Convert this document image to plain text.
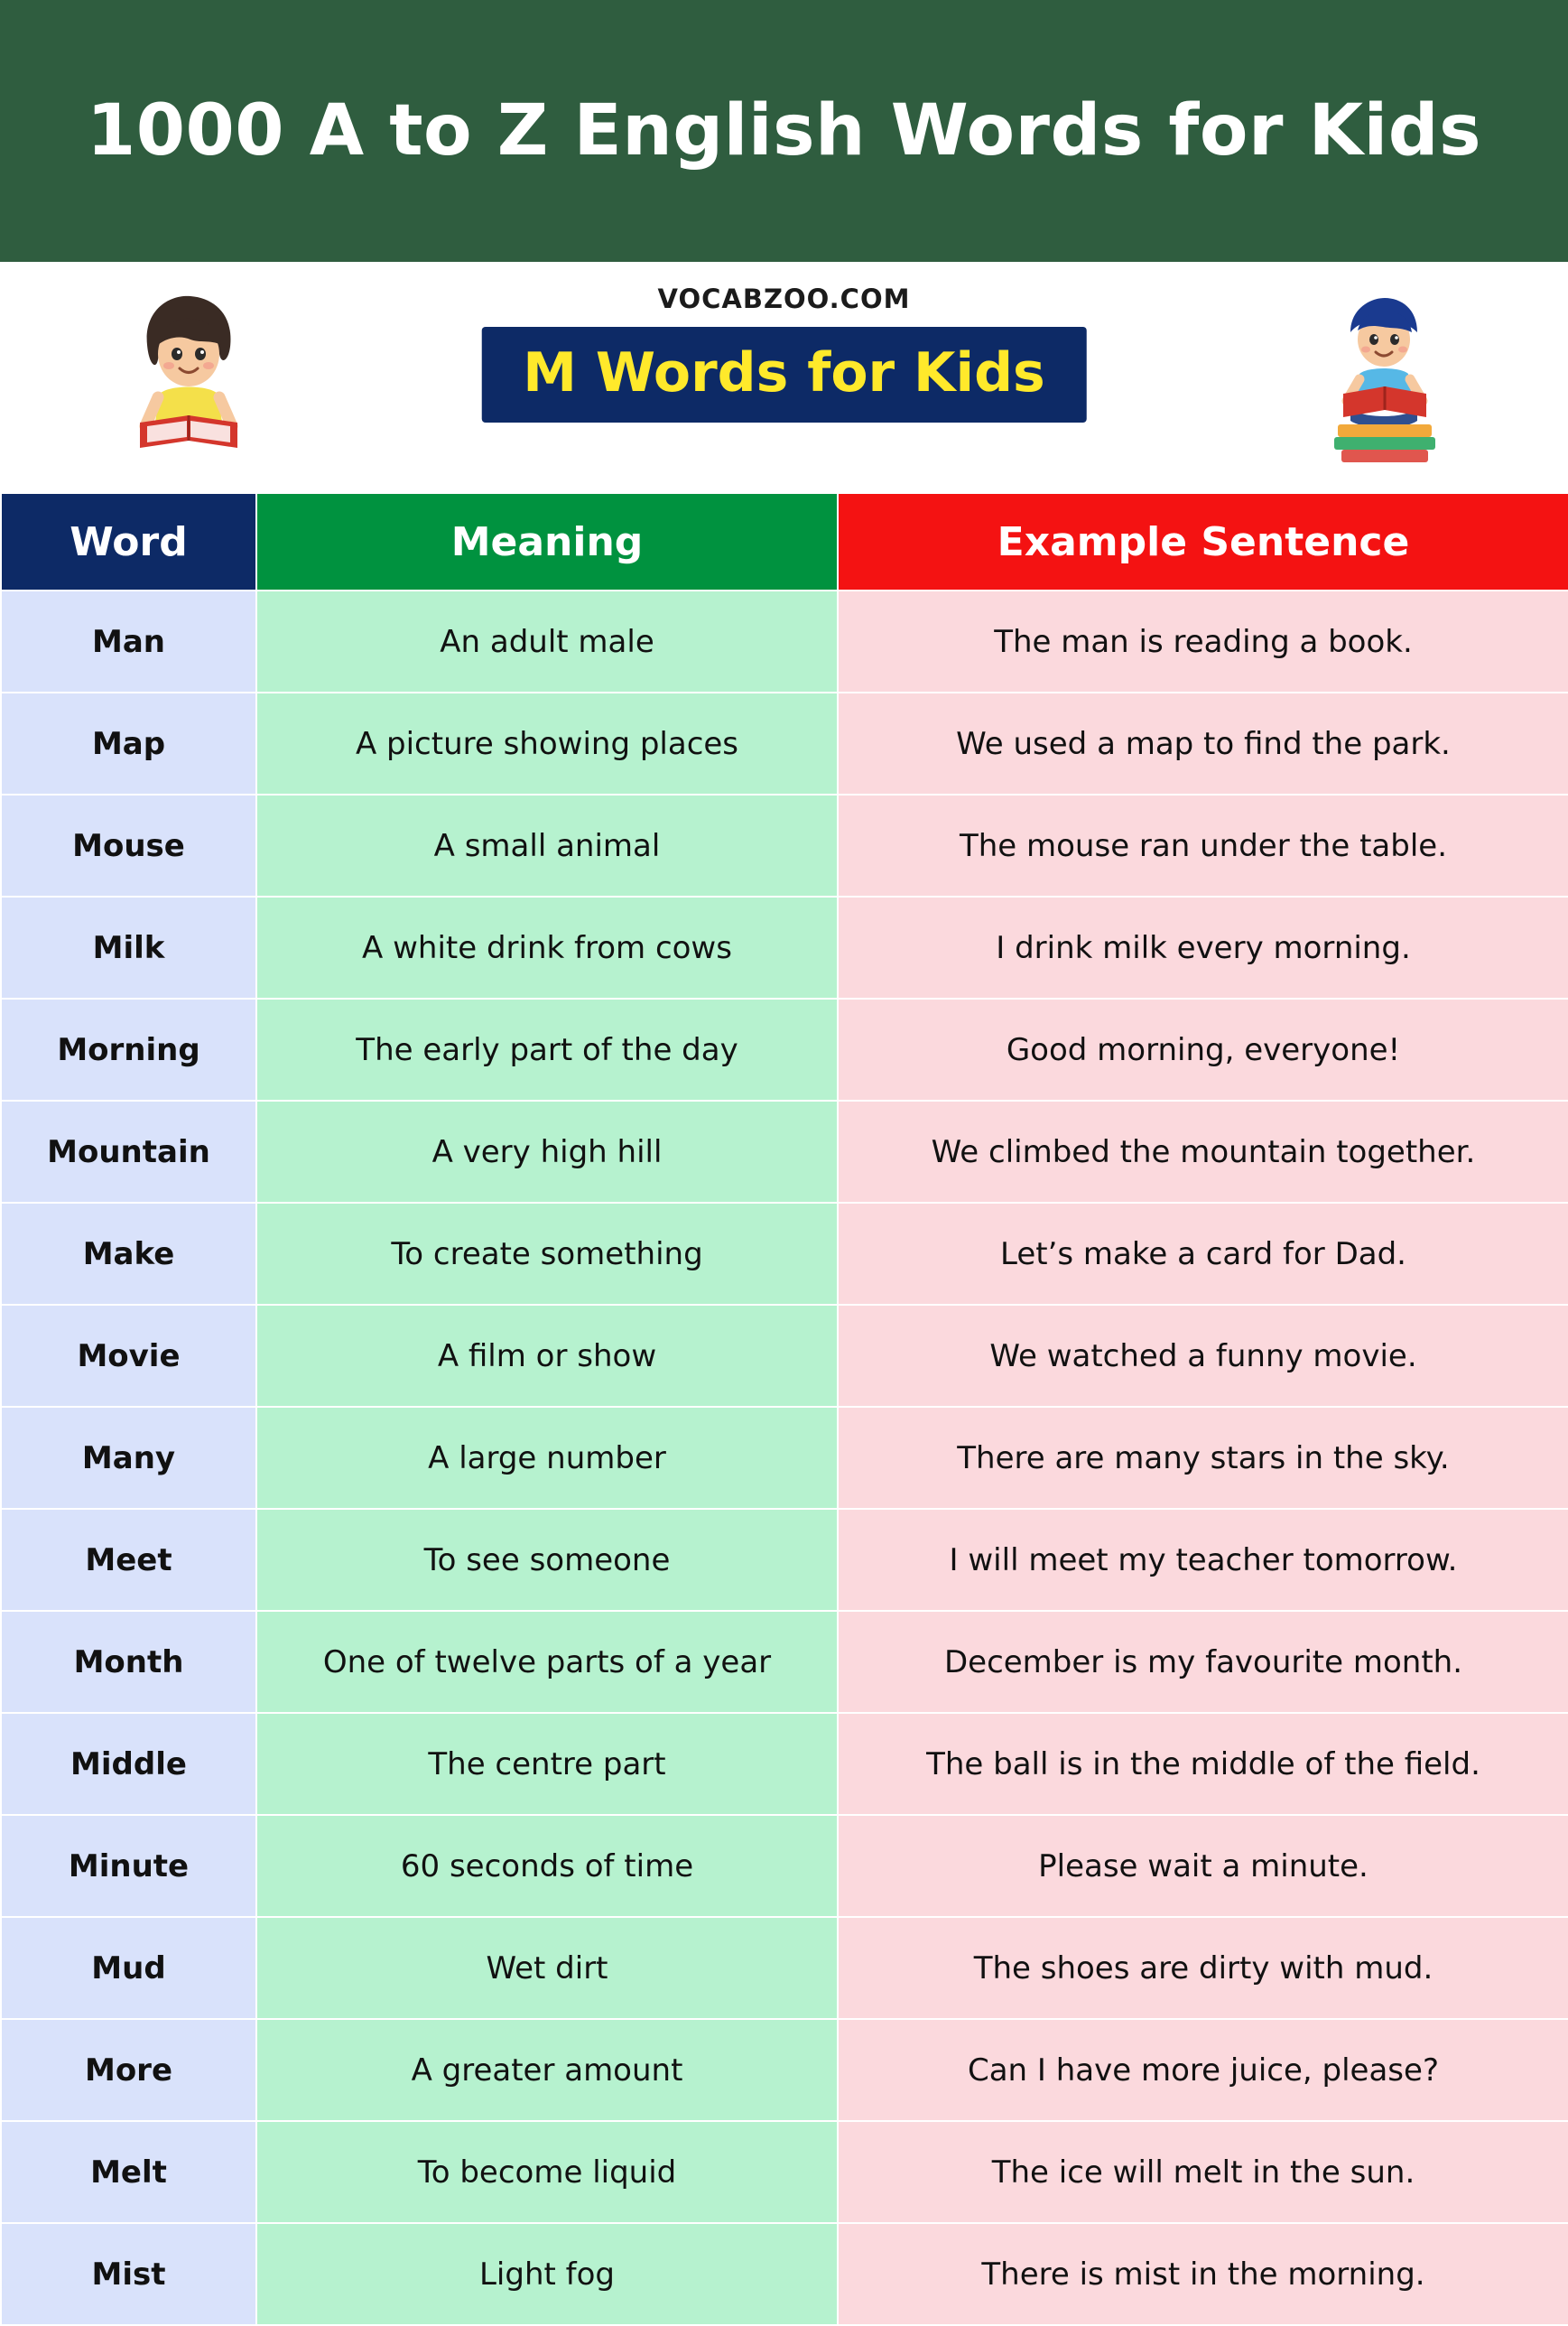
1000 A to Z English Words for Kids
VOCABZOO.COM
M Words for Kids
Word	Meaning	Example Sentence
Man	An adult male	The man is reading a book.
Map	A picture showing places	We used a map to find the park.
Mouse	A small animal	The mouse ran under the table.
Milk	A white drink from cows	I drink milk every morning.
Morning	The early part of the day	Good morning, everyone!
Mountain	A very high hill	We climbed the mountain together.
Make	To create something	Let’s make a card for Dad.
Movie	A film or show	We watched a funny movie.
Many	A large number	There are many stars in the sky.
Meet	To see someone	I will meet my teacher tomorrow.
Month	One of twelve parts of a year	December is my favourite month.
Middle	The centre part	The ball is in the middle of the field.
Minute	60 seconds of time	Please wait a minute.
Mud	Wet dirt	The shoes are dirty with mud.
More	A greater amount	Can I have more juice, please?
Melt	To become liquid	The ice will melt in the sun.
Mist	Light fog	There is mist in the morning.
